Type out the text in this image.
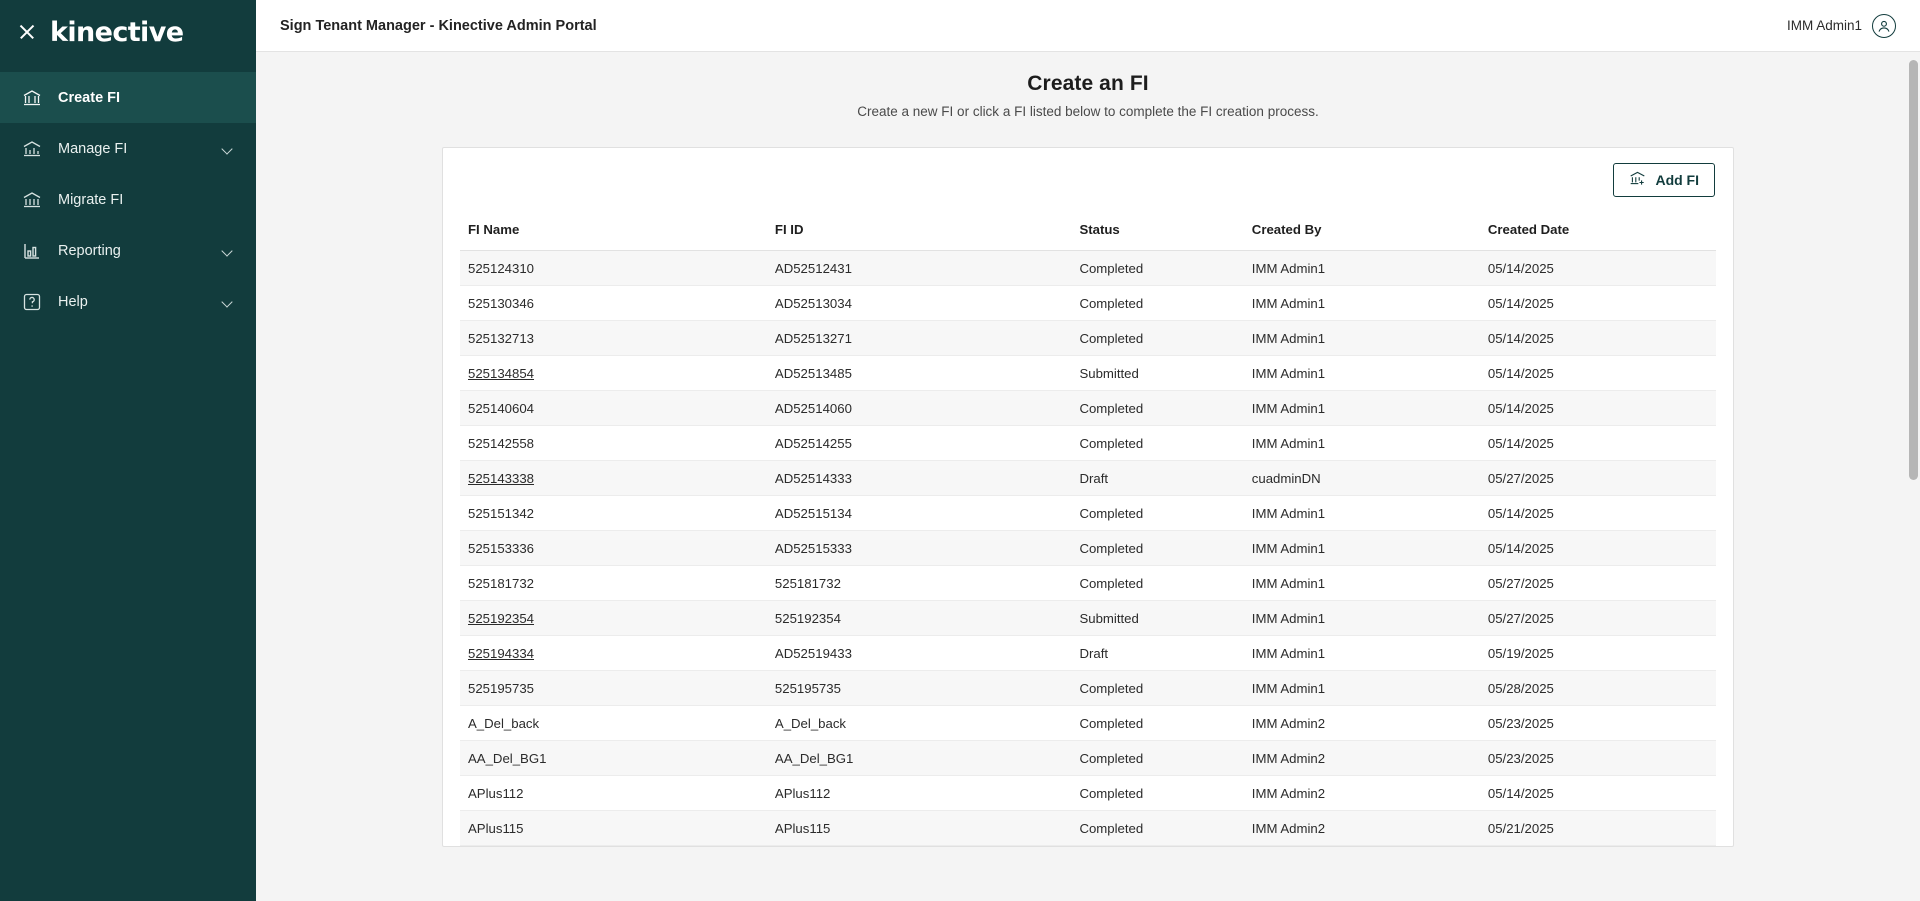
kinective
Create FI
Manage FI
Migrate FI
Reporting
Help
Sign Tenant Manager - Kinective Admin Portal	IMM Admin1
Create an FI
Create a new FI or click a FI listed below to complete the FI creation process.
Add FI
FI Name	FI ID	Status	Created By	Created Date
525124310	AD52512431	Completed	IMM Admin1	05/14/2025
525130346	AD52513034	Completed	IMM Admin1	05/14/2025
525132713	AD52513271	Completed	IMM Admin1	05/14/2025
525134854	AD52513485	Submitted	IMM Admin1	05/14/2025
525140604	AD52514060	Completed	IMM Admin1	05/14/2025
525142558	AD52514255	Completed	IMM Admin1	05/14/2025
525143338	AD52514333	Draft	cuadminDN	05/27/2025
525151342	AD52515134	Completed	IMM Admin1	05/14/2025
525153336	AD52515333	Completed	IMM Admin1	05/14/2025
525181732	525181732	Completed	IMM Admin1	05/27/2025
525192354	525192354	Submitted	IMM Admin1	05/27/2025
525194334	AD52519433	Draft	IMM Admin1	05/19/2025
525195735	525195735	Completed	IMM Admin1	05/28/2025
A_Del_back	A_Del_back	Completed	IMM Admin2	05/23/2025
AA_Del_BG1	AA_Del_BG1	Completed	IMM Admin2	05/23/2025
APlus112	APlus112	Completed	IMM Admin2	05/14/2025
APlus115	APlus115	Completed	IMM Admin2	05/21/2025
